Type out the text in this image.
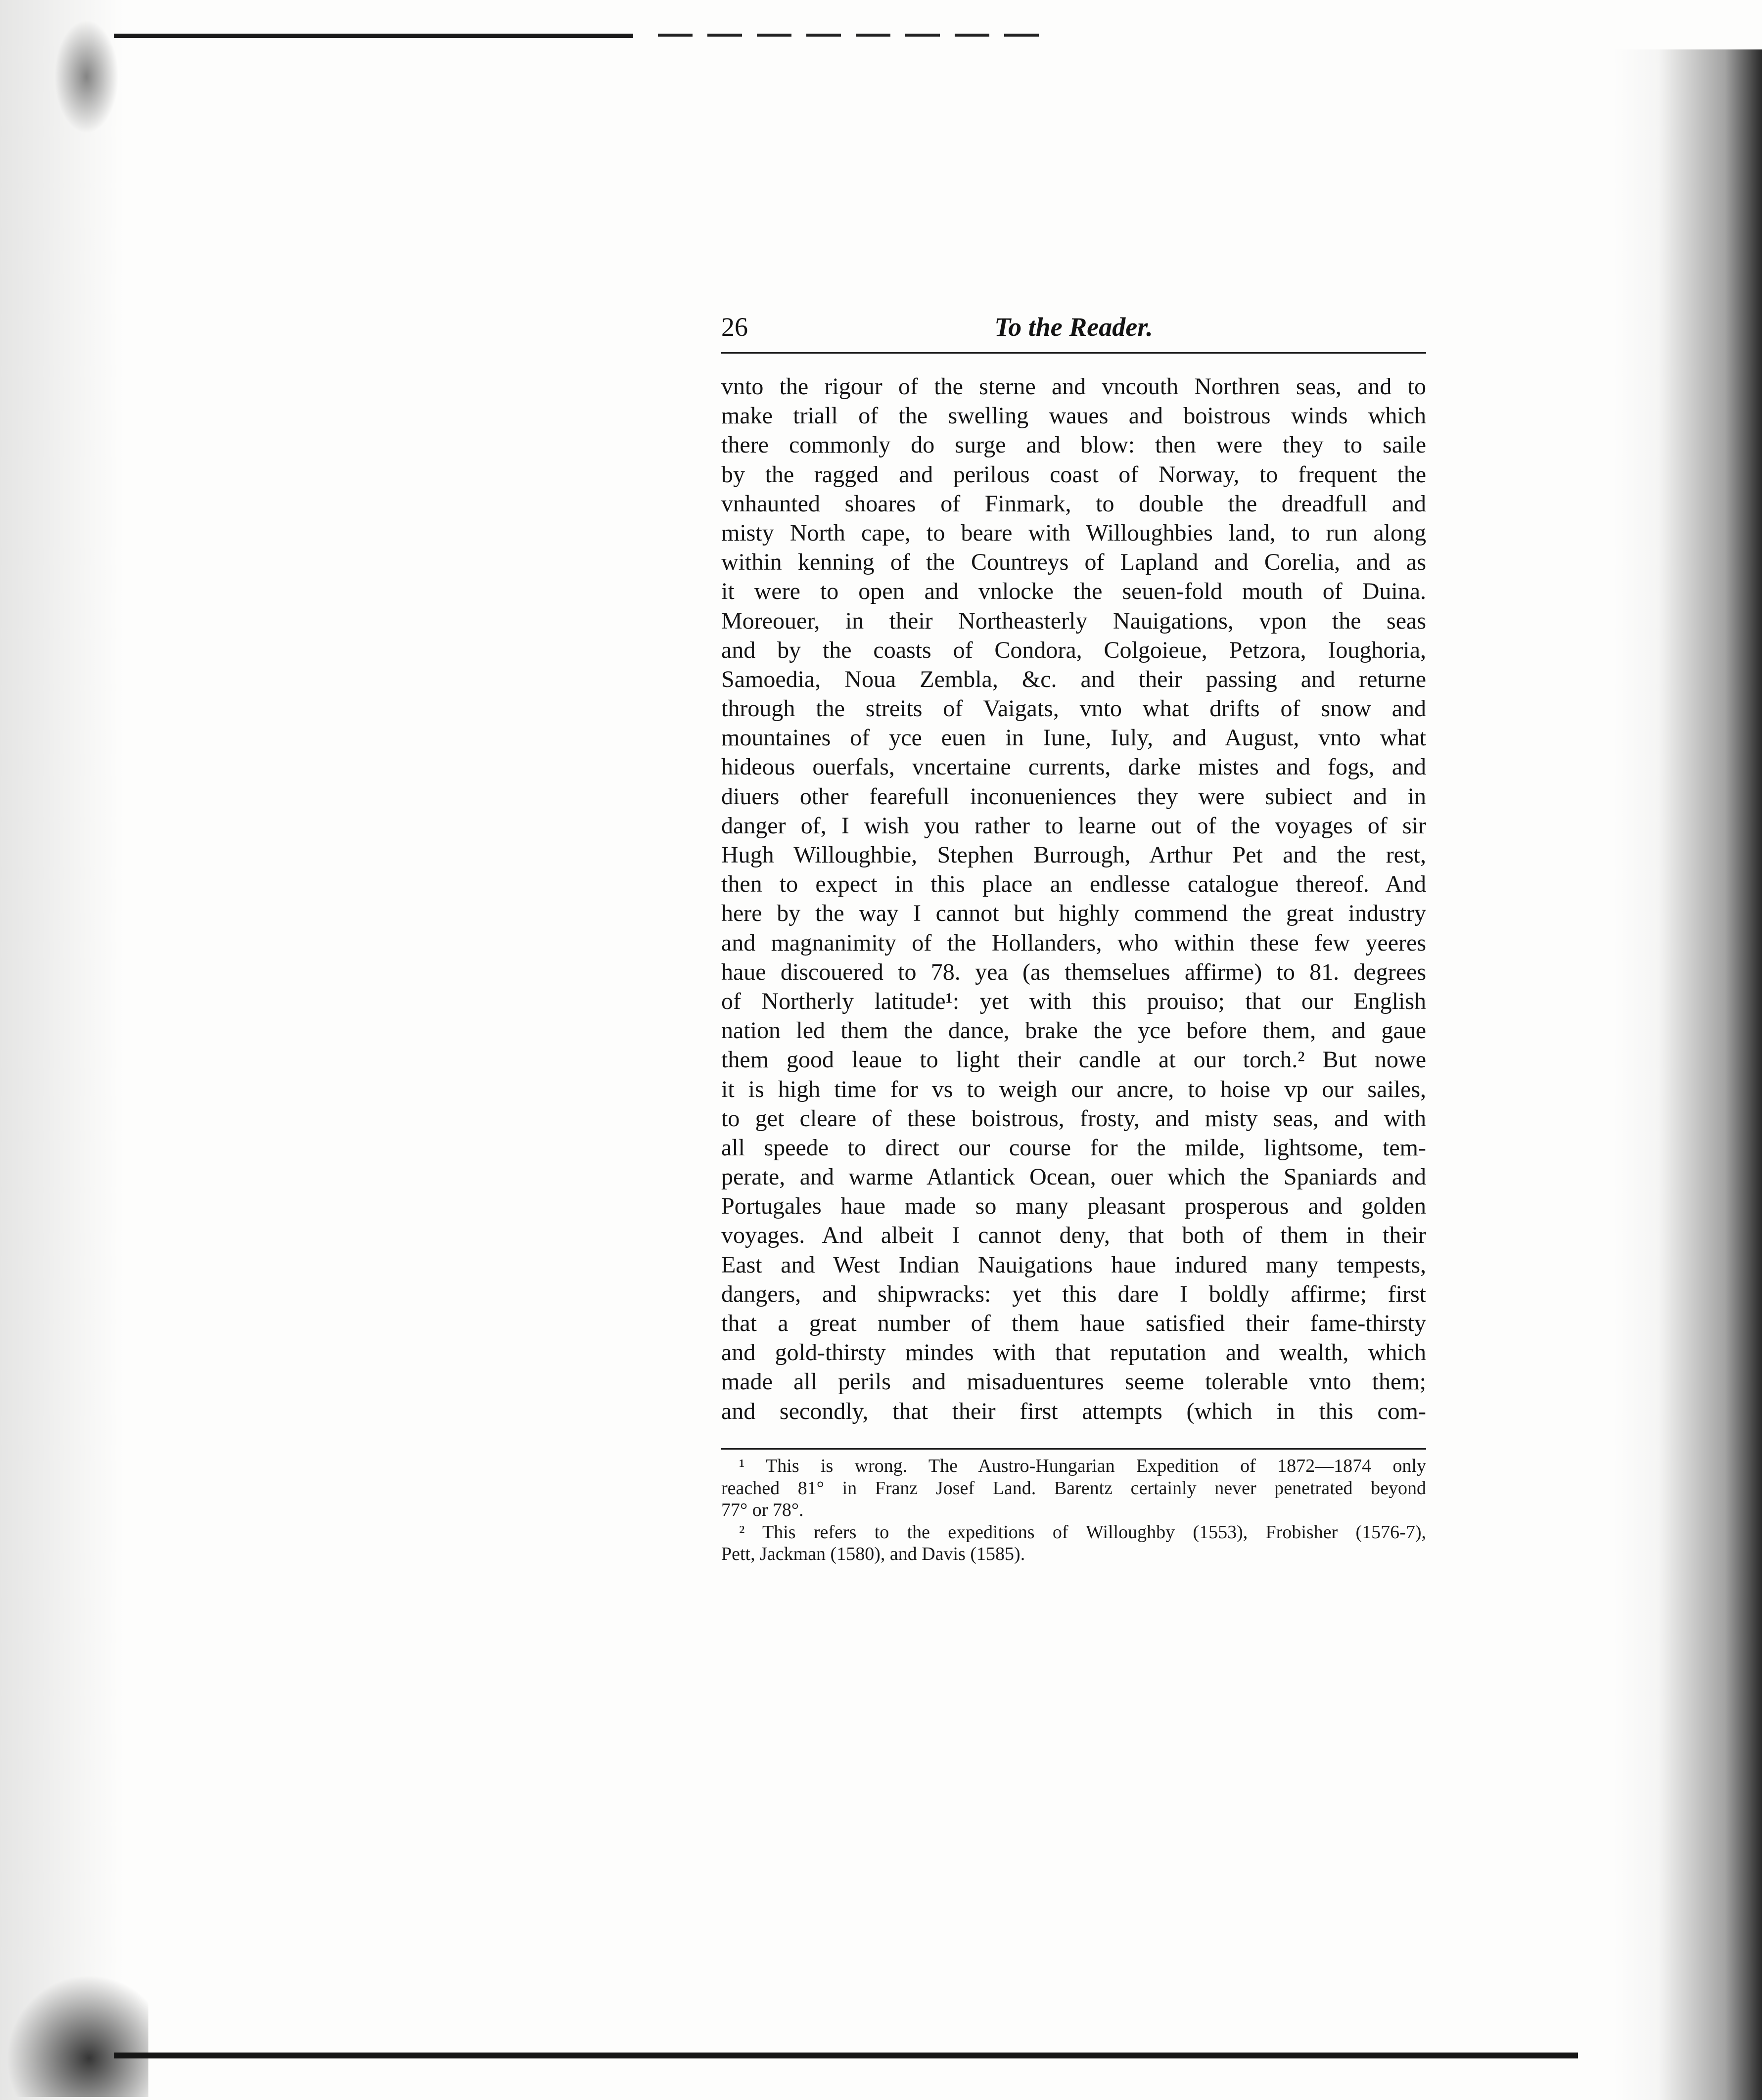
26	To the Reader.
vnto the rigour of the sterne and vncouth Northren seas, and to
make triall of the swelling waues and boistrous winds which
there commonly do surge and blow: then were they to saile
by the ragged and perilous coast of Norway, to frequent the
vnhaunted shoares of Finmark, to double the dreadfull and
misty North cape, to beare with Willoughbies land, to run along
within kenning of the Countreys of Lapland and Corelia, and as
it were to open and vnlocke the seuen-fold mouth of Duina.
Moreouer, in their Northeasterly Nauigations, vpon the seas
and by the coasts of Condora, Colgoieue, Petzora, Ioughoria,
Samoedia, Noua Zembla, &c. and their passing and returne
through the streits of Vaigats, vnto what drifts of snow and
mountaines of yce euen in Iune, Iuly, and August, vnto what
hideous ouerfals, vncertaine currents, darke mistes and fogs, and
diuers other fearefull inconueniences they were subiect and in
danger of, I wish you rather to learne out of the voyages of sir
Hugh Willoughbie, Stephen Burrough, Arthur Pet and the rest,
then to expect in this place an endlesse catalogue thereof. And
here by the way I cannot but highly commend the great industry
and magnanimity of the Hollanders, who within these few yeeres
haue discouered to 78. yea (as themselues affirme) to 81. degrees
of Northerly latitude¹: yet with this prouiso; that our English
nation led them the dance, brake the yce before them, and gaue
them good leaue to light their candle at our torch.² But nowe
it is high time for vs to weigh our ancre, to hoise vp our sailes,
to get cleare of these boistrous, frosty, and misty seas, and with
all speede to direct our course for the milde, lightsome, tem-
perate, and warme Atlantick Ocean, ouer which the Spaniards and
Portugales haue made so many pleasant prosperous and golden
voyages. And albeit I cannot deny, that both of them in their
East and West Indian Nauigations haue indured many tempests,
dangers, and shipwracks: yet this dare I boldly affirme; first
that a great number of them haue satisfied their fame-thirsty
and gold-thirsty mindes with that reputation and wealth, which
made all perils and misaduentures seeme tolerable vnto them;
and secondly, that their first attempts (which in this com-
¹ This is wrong. The Austro-Hungarian Expedition of 1872—1874 only
reached 81° in Franz Josef Land. Barentz certainly never penetrated beyond
77° or 78°.
² This refers to the expeditions of Willoughby (1553), Frobisher (1576-7),
Pett, Jackman (1580), and Davis (1585).
